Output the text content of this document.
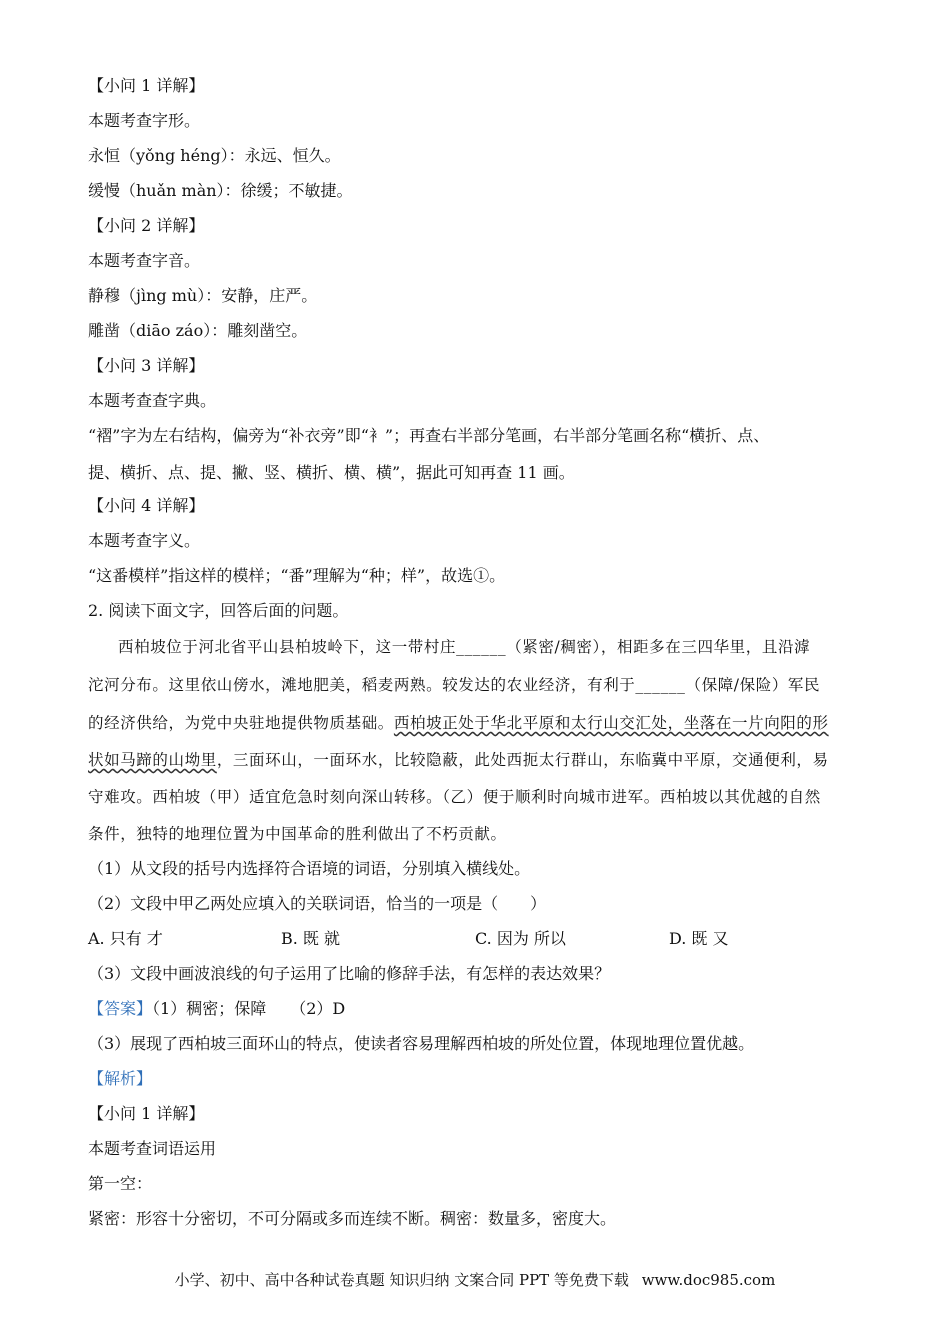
【小问 1 详解】
本题考查字形。
永恒（yǒng héng）：永远、恒久。
缓慢（huǎn màn）：徐缓；不敏捷。
【小问 2 详解】
本题考查字音。
静穆（jìng mù）：安静，庄严。
雕凿（diāo záo）：雕刻凿空。
【小问 3 详解】
本题考查查字典。
“褶”字为左右结构，偏旁为“补衣旁”即“衤”；再查右半部分笔画，右半部分笔画名称“横折、点、
提、横折、点、提、撇、竖、横折、横、横”，据此可知再查 11 画。
【小问 4 详解】
本题考查字义。
“这番模样”指这样的模样；“番”理解为“种；样”，故选①。
2. 阅读下面文字，回答后面的问题。
西柏坡位于河北省平山县柏坡岭下，这一带村庄______（紧密/稠密），相距多在三四华里，且沿滹
沱河分布。这里依山傍水，滩地肥美，稻麦两熟。较发达的农业经济，有利于______（保障/保险）军民
的经济供给，为党中央驻地提供物质基础。西柏坡正处于华北平原和太行山交汇处，坐落在一片向阳的形
状如马蹄的山坳里，三面环山，一面环水，比较隐蔽，此处西扼太行群山，东临冀中平原，交通便利，易
守难攻。西柏坡（甲）适宜危急时刻向深山转移。（乙）便于顺利时向城市进军。西柏坡以其优越的自然
条件，独特的地理位置为中国革命的胜利做出了不朽贡献。
（1）从文段的括号内选择符合语境的词语，分别填入横线处。
（2）文段中甲乙两处应填入的关联词语，恰当的一项是（　　）
A. 只有 才	B. 既 就	C. 因为 所以	D. 既 又
（3）文段中画波浪线的句子运用了比喻的修辞手法，有怎样的表达效果？
【答案】（1）稠密；保障　　（2）D
（3）展现了西柏坡三面环山的特点，使读者容易理解西柏坡的所处位置，体现地理位置优越。
【解析】
【小问 1 详解】
本题考查词语运用
第一空：
紧密：形容十分密切，不可分隔或多而连续不断。稠密：数量多，密度大。
小学、初中、高中各种试卷真题 知识归纳 文案合同 PPT 等免费下载 www.doc985.com
